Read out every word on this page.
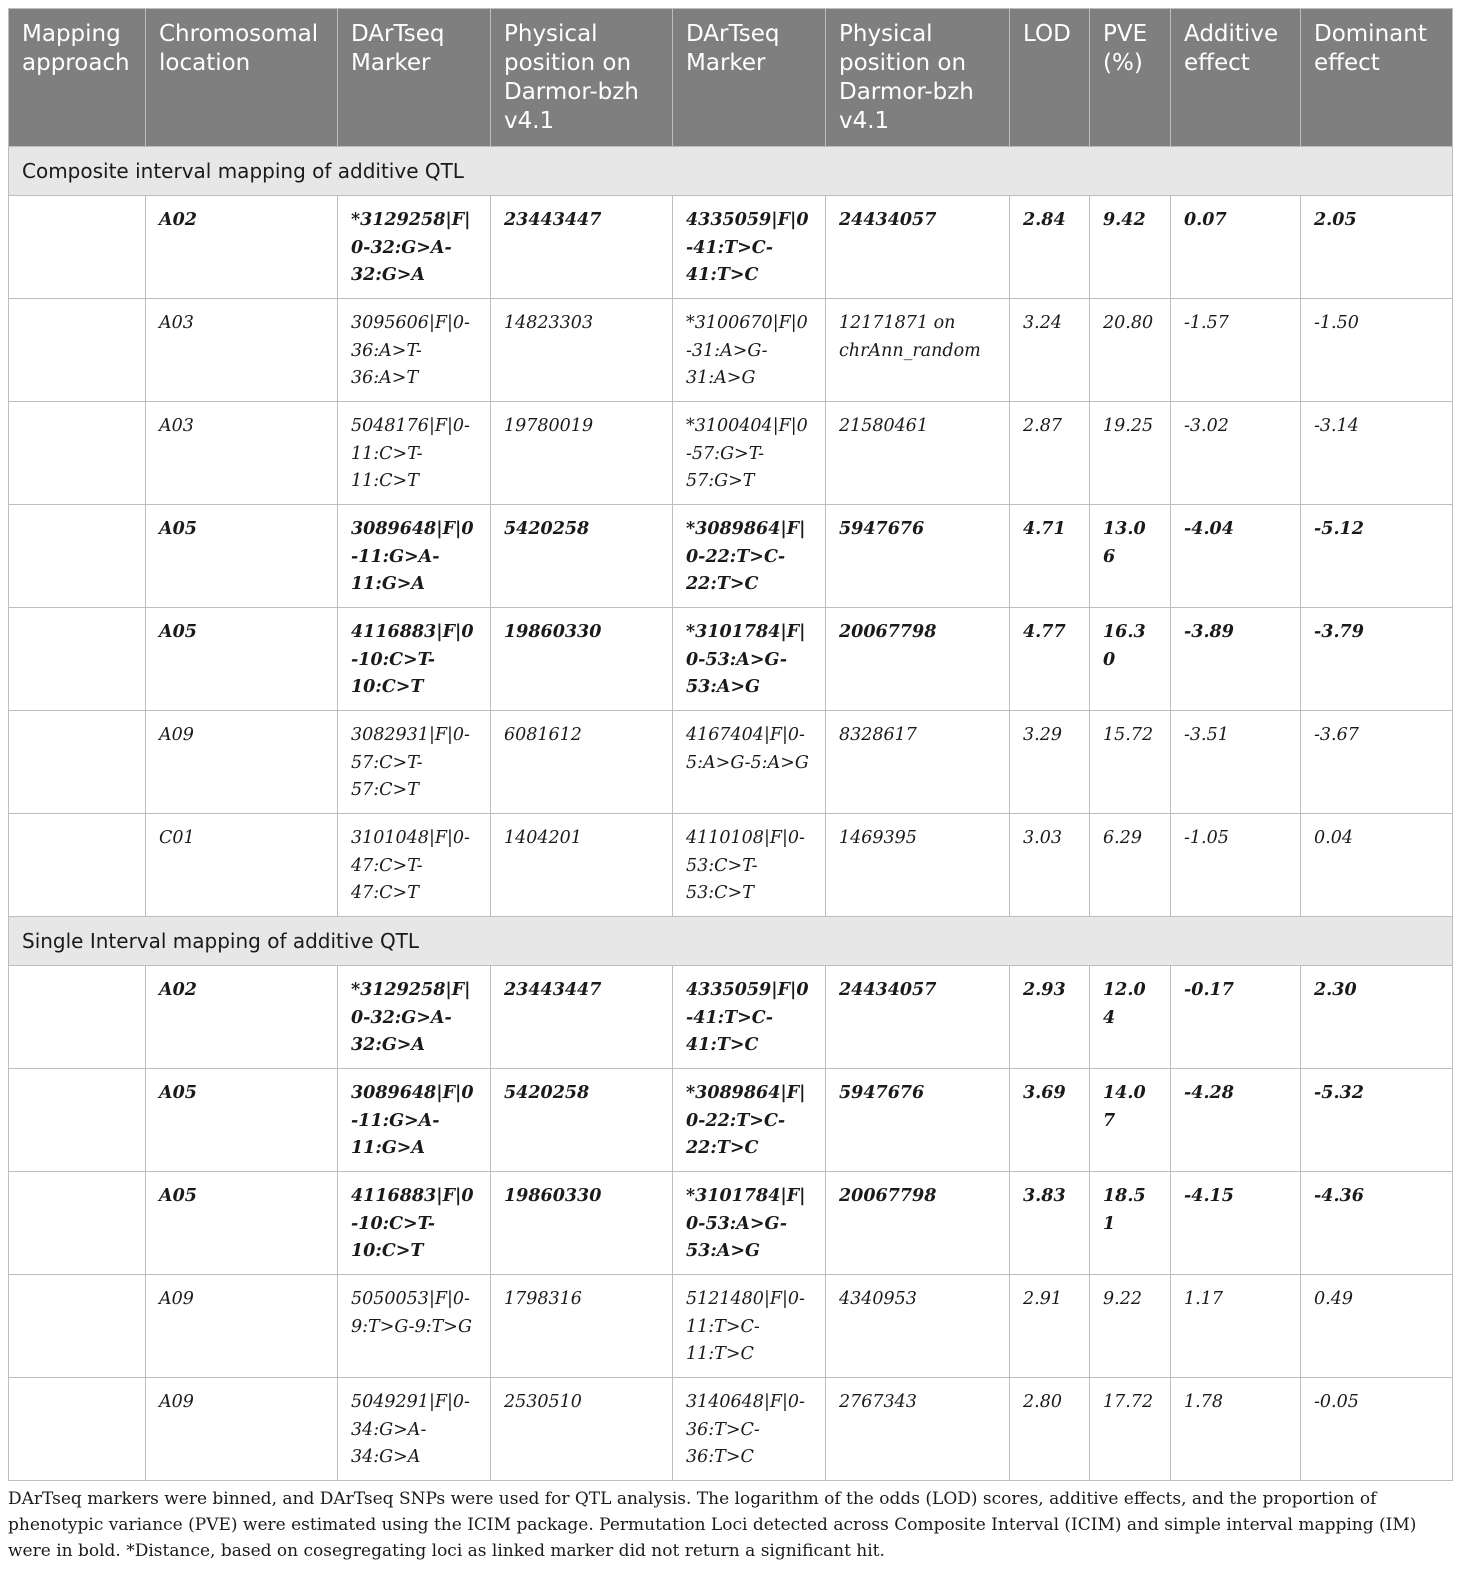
Mapping approach	Chromosomal location	DArTseq Marker	Physical position on Darmor-bzh v4.1	DArTseq Marker	Physical position on Darmor-bzh v4.1	LOD	PVE (%)	Additive effect	Dominant effect
Composite interval mapping of additive QTL									
	A02	*3129258|F|0-32:G>A-32:G>A	23443447	4335059|F|0-41:T>C-41:T>C	24434057	2.84	9.42	0.07	2.05
	A03	3095606|F|0-36:A>T-36:A>T	14823303	*3100670|F|0-31:A>G-31:A>G	12171871 on chrAnn_random	3.24	20.80	-1.57	-1.50
	A03	5048176|F|0-11:C>T-11:C>T	19780019	*3100404|F|0-57:G>T-57:G>T	21580461	2.87	19.25	-3.02	-3.14
	A05	3089648|F|0-11:G>A-11:G>A	5420258	*3089864|F|0-22:T>C-22:T>C	5947676	4.71	13.06	-4.04	-5.12
	A05	4116883|F|0-10:C>T-10:C>T	19860330	*3101784|F|0-53:A>G-53:A>G	20067798	4.77	16.30	-3.89	-3.79
	A09	3082931|F|0-57:C>T-57:C>T	6081612	4167404|F|0-5:A>G-5:A>G	8328617	3.29	15.72	-3.51	-3.67
	C01	3101048|F|0-47:C>T-47:C>T	1404201	4110108|F|0-53:C>T-53:C>T	1469395	3.03	6.29	-1.05	0.04
Single Interval mapping of additive QTL									
	A02	*3129258|F|0-32:G>A-32:G>A	23443447	4335059|F|0-41:T>C-41:T>C	24434057	2.93	12.04	-0.17	2.30
	A05	3089648|F|0-11:G>A-11:G>A	5420258	*3089864|F|0-22:T>C-22:T>C	5947676	3.69	14.07	-4.28	-5.32
	A05	4116883|F|0-10:C>T-10:C>T	19860330	*3101784|F|0-53:A>G-53:A>G	20067798	3.83	18.51	-4.15	-4.36
	A09	5050053|F|0-9:T>G-9:T>G	1798316	5121480|F|0-11:T>C-11:T>C	4340953	2.91	9.22	1.17	0.49
	A09	5049291|F|0-34:G>A-34:G>A	2530510	3140648|F|0-36:T>C-36:T>C	2767343	2.80	17.72	1.78	-0.05

DArTseq markers were binned, and DArTseq SNPs were used for QTL analysis. The logarithm of the odds (LOD) scores, additive effects, and the proportion of phenotypic variance (PVE) were estimated using the ICIM package. Permutation Loci detected across Composite Interval (ICIM) and simple interval mapping (IM) were in bold. *Distance, based on cosegregating loci as linked marker did not return a significant hit.
